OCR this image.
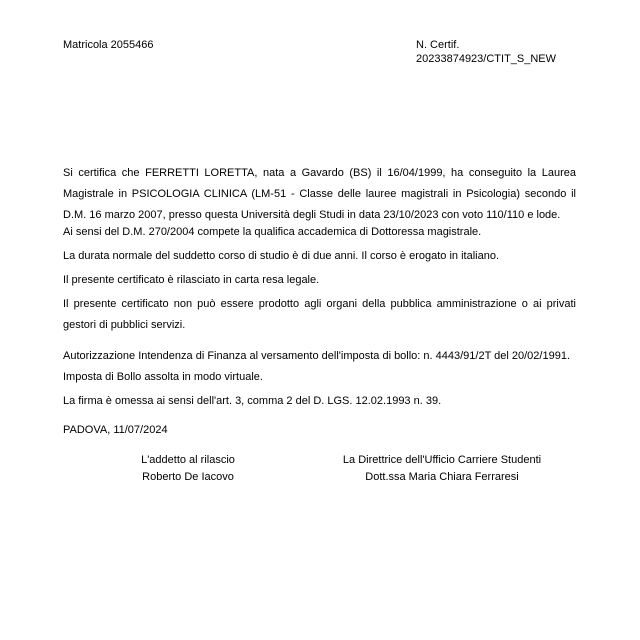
Matricola 2055466	N. Certif.
20233874923/CTIT_S_NEW
Si certifica che FERRETTI LORETTA, nata a Gavardo (BS) il 16/04/1999, ha conseguito la Laurea Magistrale in PSICOLOGIA CLINICA (LM-51 - Classe delle lauree magistrali in Psicologia) secondo il D.M. 16 marzo 2007, presso questa Università degli Studi in data 23/10/2023 con voto 110/110 e lode.
Ai sensi del D.M. 270/2004 compete la qualifica accademica di Dottoressa magistrale.
La durata normale del suddetto corso di studio è di due anni. Il corso è erogato in italiano.
Il presente certificato è rilasciato in carta resa legale.
Il presente certificato non può essere prodotto agli organi della pubblica amministrazione o ai privati gestori di pubblici servizi.
Autorizzazione Intendenza di Finanza al versamento dell'imposta di bollo: n. 4443/91/2T del 20/02/1991.
Imposta di Bollo assolta in modo virtuale.
La firma è omessa ai sensi dell'art. 3, comma 2 del D. LGS. 12.02.1993 n. 39.
PADOVA, 11/07/2024
L'addetto al rilascio
Roberto De Iacovo
La Direttrice dell'Ufficio Carriere Studenti
Dott.ssa Maria Chiara Ferraresi
